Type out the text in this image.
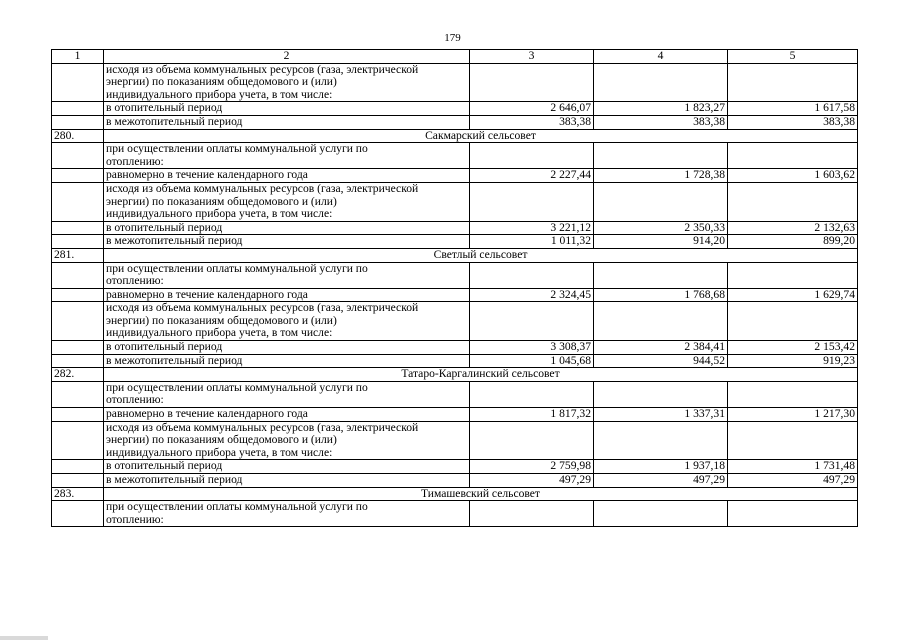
179
1	2	3	4	5

	исходя из объема коммунальных ресурсов (газа, электрической
энергии) по показаниям общедомового и (или)
индивидуального прибора учета, в том числе:			

	в отопительный период	2 646,07	1 823,27	1 617,58
	в межотопительный период	383,38	383,38	383,38
280.	Сакмарский сельсовет			

	при осуществлении оплаты коммунальной услуги по
отоплению:			

	равномерно в течение календарного года	2 227,44	1 728,38	1 603,62

	исходя из объема коммунальных ресурсов (газа, электрической
энергии) по показаниям общедомового и (или)
индивидуального прибора учета, в том числе:			

	в отопительный период	3 221,12	2 350,33	2 132,63
	в межотопительный период	1 011,32	914,20	899,20
281.	Светлый сельсовет			

	при осуществлении оплаты коммунальной услуги по
отоплению:			

	равномерно в течение календарного года	2 324,45	1 768,68	1 629,74

	исходя из объема коммунальных ресурсов (газа, электрической
энергии) по показаниям общедомового и (или)
индивидуального прибора учета, в том числе:			

	в отопительный период	3 308,37	2 384,41	2 153,42
	в межотопительный период	1 045,68	944,52	919,23
282.	Татаро-Каргалинский сельсовет			

	при осуществлении оплаты коммунальной услуги по
отоплению:			

	равномерно в течение календарного года	1 817,32	1 337,31	1 217,30

	исходя из объема коммунальных ресурсов (газа, электрической
энергии) по показаниям общедомового и (или)
индивидуального прибора учета, в том числе:			

	в отопительный период	2 759,98	1 937,18	1 731,48
	в межотопительный период	497,29	497,29	497,29
283.	Тимашевский сельсовет			

	при осуществлении оплаты коммунальной услуги по
отоплению:			
